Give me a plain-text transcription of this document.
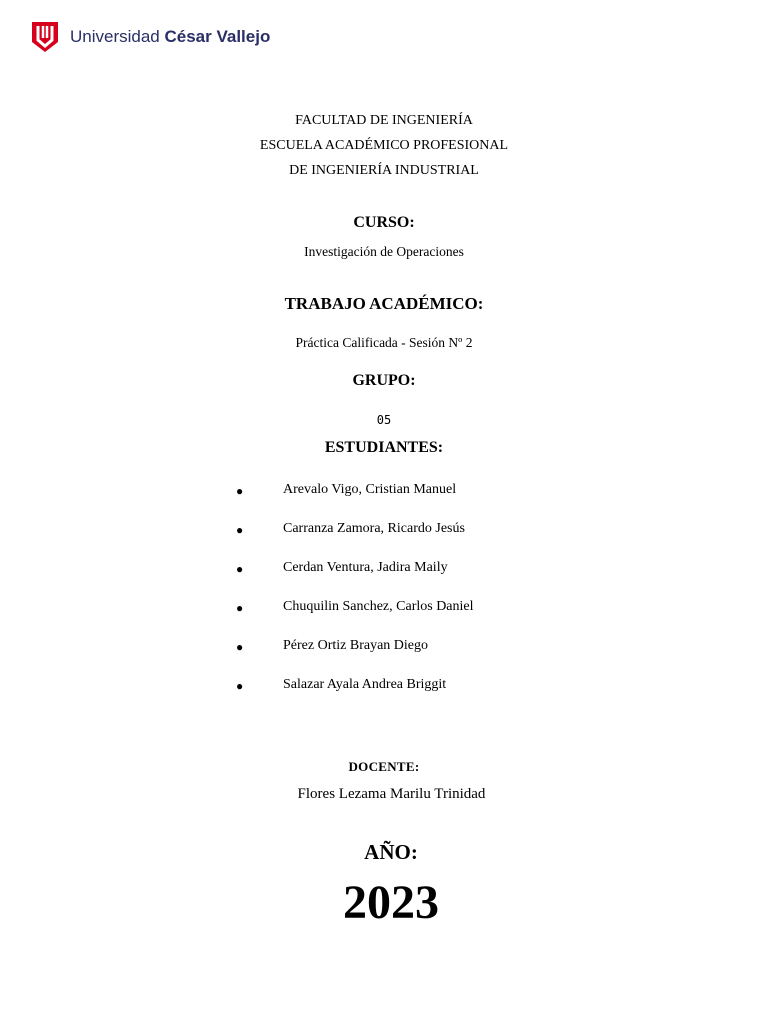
Universidad César Vallejo
FACULTAD DE INGENIERÍA
ESCUELA ACADÉMICO PROFESIONAL
DE INGENIERÍA INDUSTRIAL
CURSO:
Investigación de Operaciones
TRABAJO ACADÉMICO:
Práctica Calificada - Sesión Nº 2
GRUPO:
05
ESTUDIANTES:
●	Arevalo Vigo, Cristian Manuel
●	Carranza Zamora, Ricardo Jesús
●	Cerdan Ventura, Jadira Maily
●	Chuquilin Sanchez, Carlos Daniel
●	Pérez Ortiz Brayan Diego
●	Salazar Ayala Andrea Briggit
DOCENTE:
Flores Lezama Marilu Trinidad
AÑO:
2023
